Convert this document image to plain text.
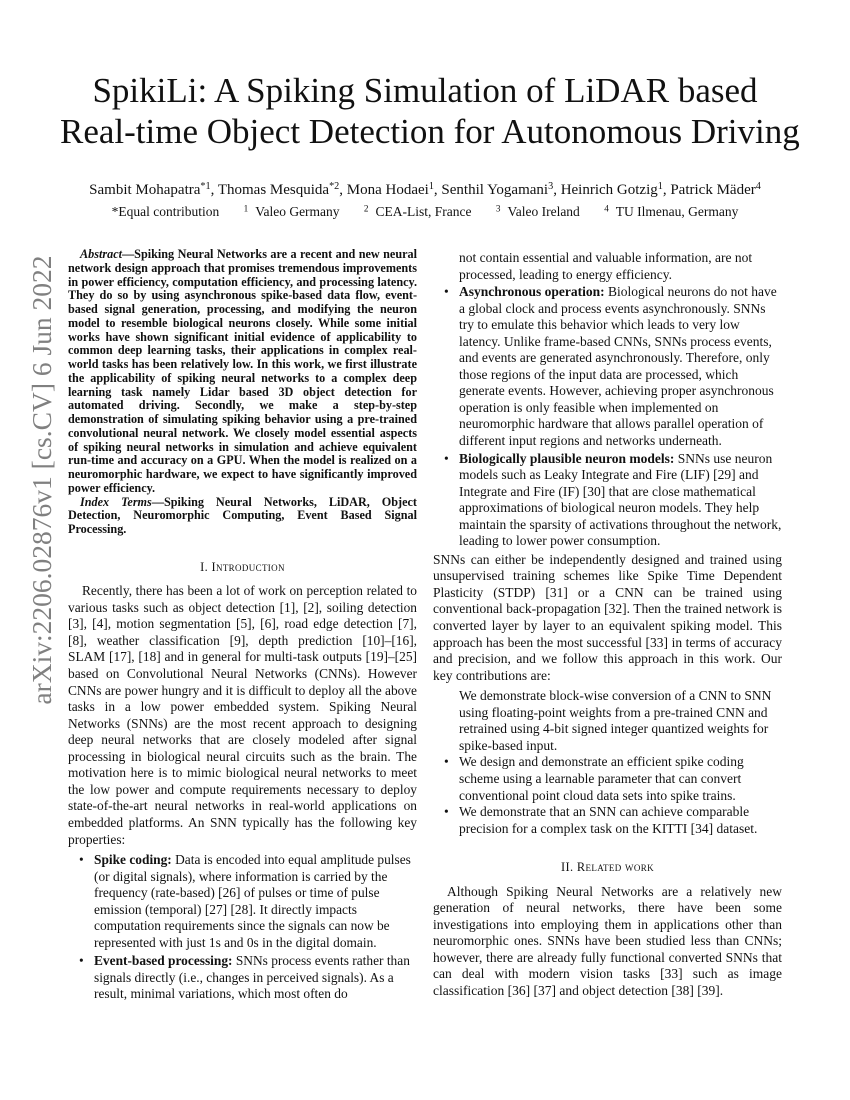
arXiv:2206.02876v1 [cs.CV] 6 Jun 2022
SpikiLi: A Spiking Simulation of LiDAR based
Real-time Object Detection for Autonomous Driving
Sambit Mohapatra$^{*1}$, Thomas Mesquida$^{*2}$, Mona Hodaei$^1$, Senthil Yogamani$^3$, Heinrich Gotzig$^1$, Patrick Mäder$^4$
*Equal contribution	$^1$ Valeo Germany	$^2$ CEA-List, France	$^3$ Valeo Ireland	$^4$ TU Ilmenau, Germany

Abstract—Spiking Neural Networks are a recent and new neural network design approach that promises tremendous improvements in power efficiency, computation efficiency, and processing latency. They do so by using asynchronous spike-based data flow, event-based signal generation, processing, and modifying the neuron model to resemble biological neurons closely. While some initial works have shown significant initial evidence of applicability to common deep learning tasks, their applications in complex real-world tasks has been relatively low. In this work, we first illustrate the applicability of spiking neural networks to a complex deep learning task namely Lidar based 3D object detection for automated driving. Secondly, we make a step-by-step demonstration of simulating spiking behavior using a pre-trained convolutional neural network. We closely model essential aspects of spiking neural networks in simulation and achieve equivalent run-time and accuracy on a GPU. When the model is realized on a neuromorphic hardware, we expect to have significantly improved power efficiency.

Index Terms—Spiking Neural Networks, LiDAR, Object Detection, Neuromorphic Computing, Event Based Signal Processing.

I. Introduction

Recently, there has been a lot of work on perception related to various tasks such as object detection [1], [2], soiling detection [3], [4], motion segmentation [5], [6], road edge detection [7], [8], weather classification [9], depth prediction [10]–[16], SLAM [17], [18] and in general for multi-task outputs [19]–[25] based on Convolutional Neural Networks (CNNs). However CNNs are power hungry and it is difficult to deploy all the above tasks in a low power embedded system. Spiking Neural Networks (SNNs) are the most recent approach to designing deep neural networks that are closely modeled after signal processing in biological neural circuits such as the brain. The motivation here is to mimic biological neural networks to meet the low power and compute requirements necessary to deploy state-of-the-art neural networks in real-world applications on embedded platforms. An SNN typically has the following key properties:

• Spike coding: Data is encoded into equal amplitude pulses (or digital signals), where information is carried by the frequency (rate-based) [26] of pulses or time of pulse emission (temporal) [27] [28]. It directly impacts computation requirements since the signals can now be represented with just 1s and 0s in the digital domain.
• Event-based processing: SNNs process events rather than signals directly (i.e., changes in perceived signals). As a result, minimal variations, which most often do
not contain essential and valuable information, are not processed, leading to energy efficiency.
• Asynchronous operation: Biological neurons do not have a global clock and process events asynchronously. SNNs try to emulate this behavior which leads to very low latency. Unlike frame-based CNNs, SNNs process events, and events are generated asynchronously. Therefore, only those regions of the input data are processed, which generate events. However, achieving proper asynchronous operation is only feasible when implemented on neuromorphic hardware that allows parallel operation of different input regions and networks underneath.
• Biologically plausible neuron models: SNNs use neuron models such as Leaky Integrate and Fire (LIF) [29] and Integrate and Fire (IF) [30] that are close mathematical approximations of biological neuron models. They help maintain the sparsity of activations throughout the network, leading to lower power consumption.

SNNs can either be independently designed and trained using unsupervised training schemes like Spike Time Dependent Plasticity (STDP) [31] or a CNN can be trained using conventional back-propagation [32]. Then the trained network is converted layer by layer to an equivalent spiking model. This approach has been the most successful [33] in terms of accuracy and precision, and we follow this approach in this work. Our key contributions are:

We demonstrate block-wise conversion of a CNN to SNN using floating-point weights from a pre-trained CNN and retrained using 4-bit signed integer quantized weights for spike-based input.
• We design and demonstrate an efficient spike coding scheme using a learnable parameter that can convert conventional point cloud data sets into spike trains.
• We demonstrate that an SNN can achieve comparable precision for a complex task on the KITTI [34] dataset.
II. Related work

Although Spiking Neural Networks are a relatively new generation of neural networks, there have been some investigations into employing them in applications other than neuromorphic ones. SNNs have been studied less than CNNs; however, there are already fully functional converted SNNs that can deal with modern vision tasks [33] such as image classification [36] [37] and object detection [38] [39].
